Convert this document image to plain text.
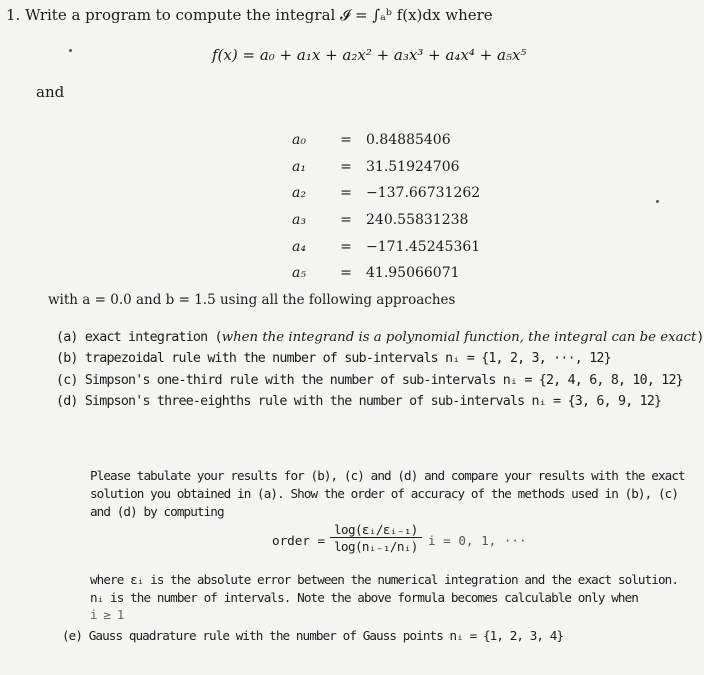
1. Write a program to compute the integral 𝓘 = ∫ₐᵇ f(x)dx where
f(x) = a₀ + a₁x + a₂x² + a₃x³ + a₄x⁴ + a₅x⁵
and
a₀	=	0.84885406
a₁	=	31.51924706
a₂	=	−137.66731262
a₃	=	240.55831238
a₄	=	−171.45245361
a₅	=	41.95066071
with a = 0.0 and b = 1.5 using all the following approaches
(a) exact integration (when the integrand is a polynomial function, the integral can be exact)
(b) trapezoidal rule with the number of sub-intervals nᵢ = {1, 2, 3, ···, 12}
(c) Simpson's one-third rule with the number of sub-intervals nᵢ = {2, 4, 6, 8, 10, 12}
(d) Simpson's three-eighths rule with the number of sub-intervals nᵢ = {3, 6, 9, 12}
Please tabulate your results for (b), (c) and (d) and compare your results with the exact
solution you obtained in (a). Show the order of accuracy of the methods used in (b), (c)
and (d) by computing
order = $\frac{\text{log(εᵢ/εᵢ₋₁)}}{\text{log(nᵢ₋₁/nᵢ)}}$ i = 0, 1, ···
where εᵢ is the absolute error between the numerical integration and the exact solution.
nᵢ is the number of intervals. Note the above formula becomes calculable only when
i ≥ 1
(e) Gauss quadrature rule with the number of Gauss points nᵢ = {1, 2, 3, 4}
